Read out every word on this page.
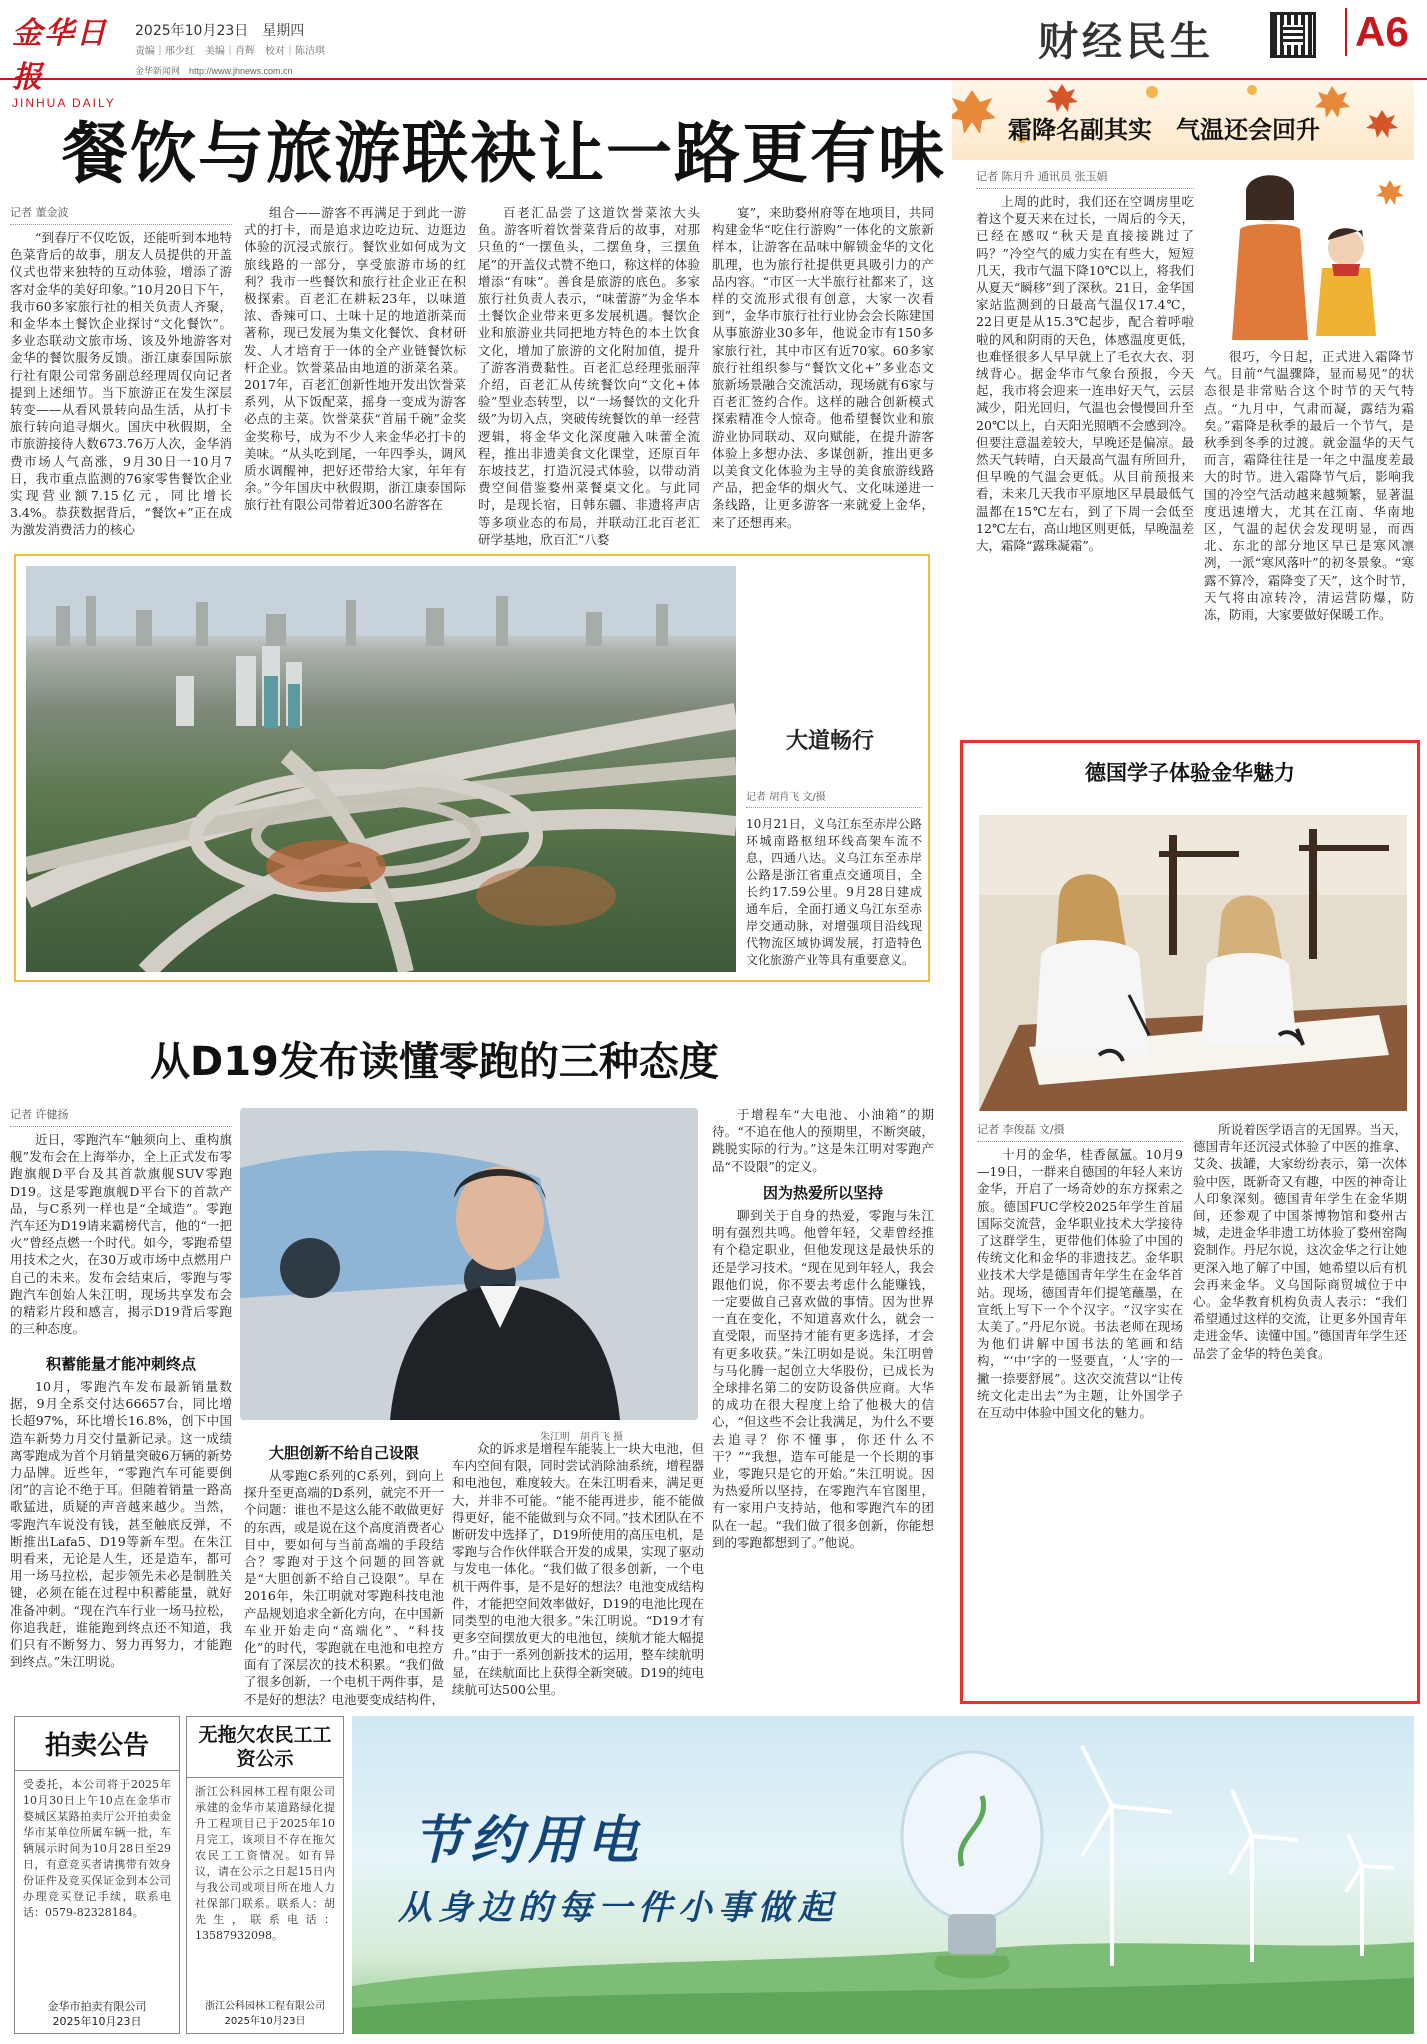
金华日报
JINHUA DAILY
2025年10月23日　星期四
责编｜邢少红　美编｜肖辉　校对｜陈洁琪
金华新闻网　http://www.jhnews.com.cn
财经民生	A6
餐饮与旅游联袂让一路更有味
记者 董金波

“到春厅不仅吃饭，还能听到本地特色菜背后的故事，朋友人员提供的开盖仪式也带来独特的互动体验，增添了游客对金华的美好印象。”10月20日下午，我市60多家旅行社的相关负责人齐聚，和金华本土餐饮企业探讨“文化餐饮”。多业态联动文旅市场、该及外地游客对金华的餐饮服务反馈。浙江康泰国际旅行社有限公司常务副总经理周仅向记者提到上述细节。当下旅游正在发生深层转变——从看风景转向品生活，从打卡旅行转向追寻烟火。国庆中秋假期，全市旅游接待人数673.76万人次，金华消费市场人气高涨，9月30日一10月7日，我市重点监测的76家零售餐饮企业实现营业额7.15亿元，同比增长3.4%。恭获数据背后，“餐饮+”正在成为激发消费活力的核心

组合——游客不再满足于到此一游式的打卡，而是追求边吃边玩、边逛边体验的沉浸式旅行。餐饮业如何成为文旅线路的一部分，享受旅游市场的红利？我市一些餐饮和旅行社企业正在积极探索。百老汇在耕耘23年，以味道浓、香辣可口、土味十足的地道浙菜而著称，现已发展为集文化餐饮、食材研发、人才培育于一体的全产业链餐饮标杆企业。饮誉菜品由地道的浙菜名菜。2017年，百老汇创新性地开发出饮誉菜系列，从下饭配菜，摇身一变成为游客必点的主菜。饮誉菜获“首届千碗”金奖金奖称号，成为不少人来金华必打卡的美味。“从头吃到尾，一年四季头，调风质水调醒神，把好还带给大家，年年有余。”今年国庆中秋假期，浙江康泰国际旅行社有限公司带着近300名游客在

百老汇品尝了这道饮誉菜浓大头鱼。游客听着饮誉菜背后的故事，对那只鱼的“一摆鱼头，二摆鱼身，三摆鱼尾”的开盖仪式赞不绝口，称这样的体验增添“有味”。善食是旅游的底色。多家旅行社负责人表示，“味蕾游”为金华本土餐饮企业带来更多发展机遇。餐饮企业和旅游业共同把地方特色的本土饮食文化，增加了旅游的文化附加值，提升了游客消费黏性。百老汇总经理张丽萍介绍，百老汇从传统餐饮向“文化+体验”型业态转型，以“一场餐饮的文化升级”为切入点，突破传统餐饮的单一经营逻辑，将金华文化深度融入味蕾全流程，推出非遗美食文化课堂，还原百年东坡技艺，打造沉浸式体验，以带动消费空间借鉴婺州菜餐桌文化。与此同时，是现长宿，日韩东疆、非遗将声店等多项业态的布局，并联动江北百老汇研学基地，欣百汇“八婺

宴”，来助婺州府等在地项目，共同构建金华“吃住行游购”一体化的文旅新样本，让游客在品味中解锁金华的文化肌理，也为旅行社提供更具吸引力的产品内容。“市区一大半旅行社都来了，这样的交流形式很有创意，大家一次看到”，金华市旅行社行业协会会长陈建国从事旅游业30多年，他说金市有150多家旅行社，其中市区有近70家。60多家旅行社组织参与“餐饮文化+”多业态文旅新场景融合交流活动，现场就有6家与百老汇签约合作。这样的融合创新模式探索精准令人惊奇。他希望餐饮业和旅游业协同联动、双向赋能，在提升游客体验上多想办法、多谋创新，推出更多以美食文化体验为主导的美食旅游线路产品，把金华的烟火气、文化味递进一条线路，让更多游客一来就爱上金华，来了还想再来。

大道畅行
记者 胡肖飞 文/摄
10月21日，义乌江东至赤岸公路环城南路枢纽环线高架车流不息，四通八达。义乌江东至赤岸公路是浙江省重点交通项目，全长约17.59公里。9月28日建成通车后，全面打通义乌江东至赤岸交通动脉，对增强项目沿线现代物流区域协调发展，打造特色文化旅游产业等具有重要意义。
从D19发布读懂零跑的三种态度
记者 许健扬

近日，零跑汽车“触须向上、重构旗舰”发布会在上海举办，全上正式发布零跑旗舰D平台及其首款旗舰SUV零跑D19。这是零跑旗舰D平台下的首款产品，与C系列一样也是“全域造”。零跑汽车还为D19请来霸榜代言，他的“一把火”曾经点燃一个时代。如今，零跑希望用技术之火，在30万或市场中点燃用户自己的未来。发布会结束后，零跑与零跑汽车创始人朱江明，现场共享发布会的精彩片段和感言，揭示D19背后零跑的三种态度。

积蓄能量才能冲刺终点

10月，零跑汽车发布最新销量数据，9月全系交付达66657台，同比增长超97%，环比增长16.8%，创下中国造车新势力月交付量新记录。这一成绩离零跑成为首个月销量突破6万辆的新势力品牌。近些年，“零跑汽车可能要倒闭”的言论不绝于耳。但随着销量一路高歌猛进，质疑的声音越来越少。当然，零跑汽车说没有钱，甚至触底反弹，不断推出Lafa5、D19等新车型。在朱江明看来，无论是人生，还是造车，都可用一场马拉松，起步领先未必是制胜关键，必须在能在过程中积蓄能量，就好准备冲刺。“现在汽车行业一场马拉松，你追我赶，谁能跑到终点还不知道，我们只有不断努力、努力再努力，才能跑到终点。”朱江明说。

朱江明　胡肖飞 摄
大胆创新不给自己设限

从零跑C系列的C系列，到向上探升至更高端的D系列，就完不开一个问题：谁也不是这么能不敢做更好的东西，或是说在这个高度消费者心目中，要如何与当前高端的手段结合？零跑对于这个问题的回答就是“大胆创新不给自己设限”。早在2016年，朱江明就对零跑科技电池产品规划追求全新化方向，在中国新车业开始走向“高端化”、“科技化”的时代，零跑就在电池和电控方面有了深层次的技术积累。“我们做了很多创新，一个电机干两件事，是不是好的想法？电池要变成结构件，

众的诉求是增程车能装上一块大电池，但车内空间有限，同时尝试消除油系统，增程器和电池包，难度较大。在朱江明看来，满足更大，并非不可能。“能不能再进步，能不能做得更好，能不能做到与众不同。”技术团队在不断研发中选择了，D19所使用的高压电机，是零跑与合作伙伴联合开发的成果，实现了驱动与发电一体化。“我们做了很多创新，一个电机干两件事，是不是好的想法？电池变成结构件，才能把空间效率做好，D19的电池比现在同类型的电池大很多。”朱江明说。“D19才有更多空间摆放更大的电池包，续航才能大幅提升。”由于一系列创新技术的运用，整车续航明显，在续航面比上获得全新突破。D19的纯电续航可达500公里。

于增程车“大电池、小油箱”的期待。“不追在他人的预期里，不断突破，跳脱实际的行为。”这是朱江明对零跑产品“不设限”的定义。

因为热爱所以坚持

聊到关于自身的热爱，零跑与朱江明有强烈共鸣。他曾年轻，父辈曾经推有个稳定职业，但他发现这是最快乐的还是学习技术。“现在见到年轻人，我会跟他们说，你不要去考虑什么能赚钱，一定要做自己喜欢做的事情。因为世界一直在变化，不知道喜欢什么，就会一直受限，而坚持才能有更多选择，才会有更多收获。”朱江明如是说。朱江明曾与马化腾一起创立大华股份，已成长为全球排名第二的安防设备供应商。大华的成功在很大程度上给了他极大的信心，“但这些不会让我满足，为什么不要去追寻？你不懂事，你还什么不干？”“我想，造车可能是一个长期的事业，零跑只是它的开始。”朱江明说。因为热爱所以坚持，在零跑汽车官图里，有一家用户支持站，他和零跑汽车的团队在一起。“我们做了很多创新，你能想到的零跑都想到了。”他说。

霜降名副其实　气温还会回升
记者 陈月升 通讯员 张玉娟

上周的此时，我们还在空调房里吃着这个夏天来在过长，一周后的今天，已经在感叹“秋天是直接接跳过了吗？”冷空气的威力实在有些大，短短几天，我市气温下降10℃以上，将我们从夏天“瞬移”到了深秋。21日，金华国家站监测到的日最高气温仅17.4℃，22日更是从15.3℃起步，配合着呼啦啦的风和阴雨的天色，体感温度更低，也难怪很多人早早就上了毛衣大衣、羽绒背心。据金华市气象台预报，今天起，我市将会迎来一连串好天气，云层减少，阳光回归，气温也会慢慢回升至20℃以上，白天阳光照晒不会感到冷。但要注意温差较大，早晚还是偏凉。最然天气转晴，白天最高气温有所回升，但早晚的气温会更低。从目前预报来看，未来几天我市平原地区早晨最低气温都在15℃左右，到了下周一会低至12℃左右，高山地区则更低，早晚温差大，霜降“露珠凝霜”。

很巧，今日起，正式进入霜降节气。目前“气温骤降，显而易见”的状态很是非常贴合这个时节的天气特点。“九月中，气肃而凝，露结为霜矣。”霜降是秋季的最后一个节气，是秋季到冬季的过渡。就金温华的天气而言，霜降往往是一年之中温度差最大的时节。进入霜降节气后，影响我国的冷空气活动越来越频繁，显著温度迅速增大，尤其在江南、华南地区，气温的起伏会发现明显，而西北、东北的部分地区早已是寒风凛冽，一派“寒风落叶”的初冬景象。“寒露不算冷，霜降变了天”，这个时节，天气将由凉转冷，清运营防爆，防冻，防雨，大家要做好保暖工作。

德国学子体验金华魅力
记者 李俊磊 文/摄

十月的金华，桂香氤氲。10月9—19日，一群来自德国的年轻人来访金华，开启了一场奇妙的东方探索之旅。德国FUC学校2025年学生首届国际交流营，金华职业技术大学接待了这群学生，更带他们体验了中国的传统文化和金华的非遗技艺。金华职业技术大学是德国青年学生在金华首站。现场，德国青年们提笔蘸墨，在宣纸上写下一个个汉字。“汉字实在太美了。”丹尼尔说。书法老师在现场为他们讲解中国书法的笔画和结构，“‘中’字的一竖要直，‘人’字的一撇一捺要舒展”。这次交流营以“让传统文化走出去”为主题，让外国学子在互动中体验中国文化的魅力。

所说着医学语言的无国界。当天，德国青年还沉浸式体验了中医的推拿、艾灸、拔罐，大家纷纷表示，第一次体验中医，既新奇又有趣，中医的神奇让人印象深刻。德国青年学生在金华期间，还参观了中国茶博物馆和婺州古城，走进金华非遗工坊体验了婺州窑陶瓷制作。丹尼尔说，这次金华之行让她更深入地了解了中国，她希望以后有机会再来金华。义乌国际商贸城位于中心。金华教育机构负责人表示：“我们希望通过这样的交流，让更多外国青年走进金华、读懂中国。”德国青年学生还品尝了金华的特色美食。

拍卖公告
受委托，本公司将于2025年10月30日上午10点在金华市婺城区某路拍卖厅公开拍卖金华市某单位所属车辆一批，车辆展示时间为10月28日至29日，有意竞买者请携带有效身份证件及竞买保证金到本公司办理竞买登记手续，联系电话：0579-82328184。
金华市拍卖有限公司
2025年10月23日
无拖欠农民工工资公示
浙江公科园林工程有限公司承建的金华市某道路绿化提升工程项目已于2025年10月完工，该项目不存在拖欠农民工工资情况。如有异议，请在公示之日起15日内与我公司或项目所在地人力社保部门联系。联系人：胡先生，联系电话：13587932098。
浙江公科园林工程有限公司
2025年10月23日
节约用电
从身边的每一件小事做起
